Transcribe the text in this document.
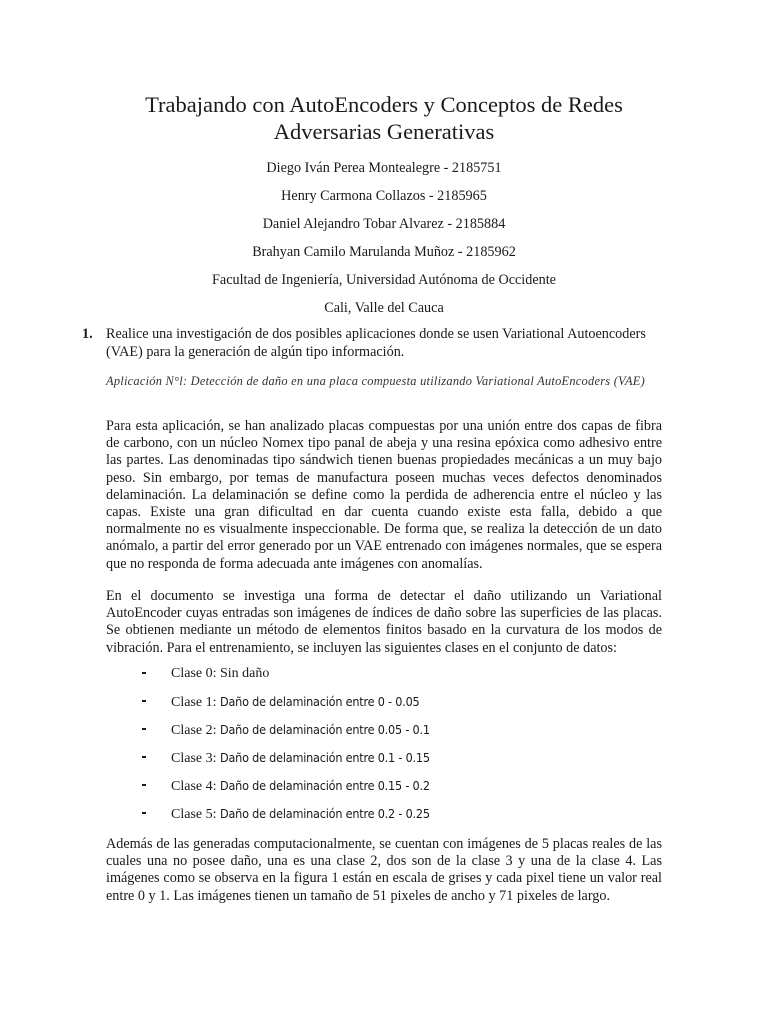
Trabajando con AutoEncoders y Conceptos de Redes
Adversarias Generativas
Diego Iván Perea Montealegre - 2185751
Henry Carmona Collazos - 2185965
Daniel Alejandro Tobar Alvarez - 2185884
Brahyan Camilo Marulanda Muñoz - 2185962
Facultad de Ingeniería, Universidad Autónoma de Occidente
Cali, Valle del Cauca
1. Realice una investigación de dos posibles aplicaciones donde se usen Variational Autoencoders (VAE) para la generación de algún tipo información.
Aplicación N°l: Detección de daño en una placa compuesta utilizando Variational AutoEncoders (VAE)
Para esta aplicación, se han analizado placas compuestas por una unión entre dos capas de fibra de carbono, con un núcleo Nomex tipo panal de abeja y una resina epóxica como adhesivo entre las partes. Las denominadas tipo sándwich tienen buenas propiedades mecánicas a un muy bajo peso. Sin embargo, por temas de manufactura poseen muchas veces defectos denominados delaminación. La delaminación se define como la perdida de adherencia entre el núcleo y las capas. Existe una gran dificultad en dar cuenta cuando existe esta falla, debido a que normalmente no es visualmente inspeccionable. De forma que, se realiza la detección de un dato anómalo, a partir del error generado por un VAE entrenado con imágenes normales, que se espera que no responda de forma adecuada ante imágenes con anomalías.
En el documento se investiga una forma de detectar el daño utilizando un Variational AutoEncoder cuyas entradas son imágenes de índices de daño sobre las superficies de las placas. Se obtienen mediante un método de elementos finitos basado en la curvatura de los modos de vibración. Para el entrenamiento, se incluyen las siguientes clases en el conjunto de datos:
Clase 0: Sin daño
Clase 1: Daño de delaminación entre 0 - 0.05
Clase 2: Daño de delaminación entre 0.05 - 0.1
Clase 3: Daño de delaminación entre 0.1 - 0.15
Clase 4: Daño de delaminación entre 0.15 - 0.2
Clase 5: Daño de delaminación entre 0.2 - 0.25
Además de las generadas computacionalmente, se cuentan con imágenes de 5 placas reales de las cuales una no posee daño, una es una clase 2, dos son de la clase 3 y una de la clase 4. Las imágenes como se observa en la figura 1 están en escala de grises y cada pixel tiene un valor real entre 0 y 1. Las imágenes tienen un tamaño de 51 pixeles de ancho y 71 pixeles de largo.
